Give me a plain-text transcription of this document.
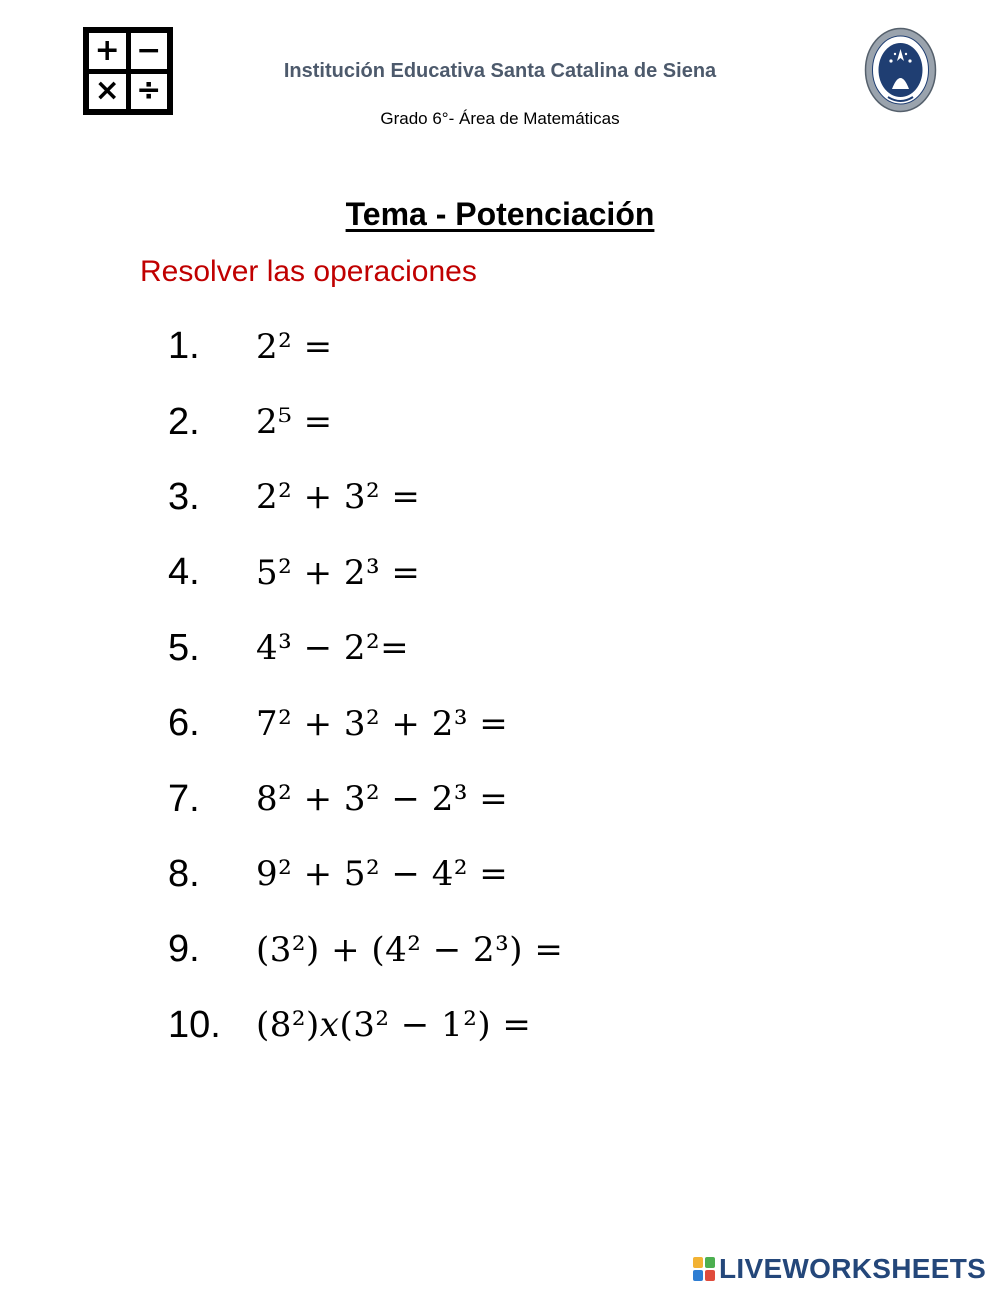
+ −
× ÷
Institución Educativa Santa Catalina de Siena
Grado 6°- Área de Matemáticas
Tema - Potenciación
Resolver las operaciones
1.	2² =
2.	2⁵ =
3.	2² + 3² =
4.	5² + 2³ =
5.	4³ − 2²=
6.	7² + 3² + 2³ =
7.	8² + 3² − 2³ =
8.	9² + 5² − 4² =
9.	(3²) + (4² − 2³) =
10.	(8²)𝑥(3² − 1²) =
LIVEWORKSHEETS
